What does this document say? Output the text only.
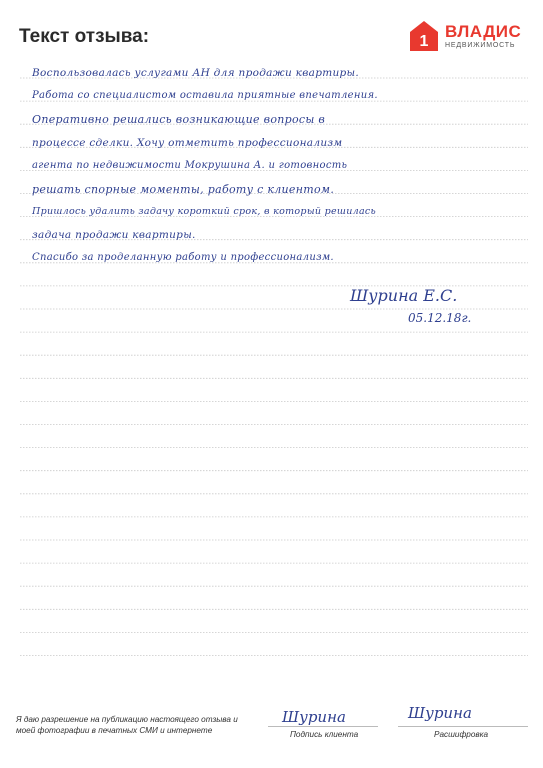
Текст отзыва:	1
ВЛАДИС
НЕДВИЖИМОСТЬ
Воспользовалась услугами АН для продажи квартиры.
Работа со специалистом оставила приятные впечатления.
Оперативно решались возникающие вопросы в
процессе сделки. Хочу отметить профессионализм
агента по недвижимости Мокрушина А. и готовность
решать спорные моменты, работу с клиентом.
Пришлось удалить задачу короткий срок, в который решилась
задача продажи квартиры.
Спасибо за проделанную работу и профессионализм.
Шурина Е.С.
05.12.18г.
Я даю разрешение на публикацию настоящего отзыва и моей фотографии в печатных СМИ и интернете
Шурина
Подпись клиента
Шурина
Расшифровка
